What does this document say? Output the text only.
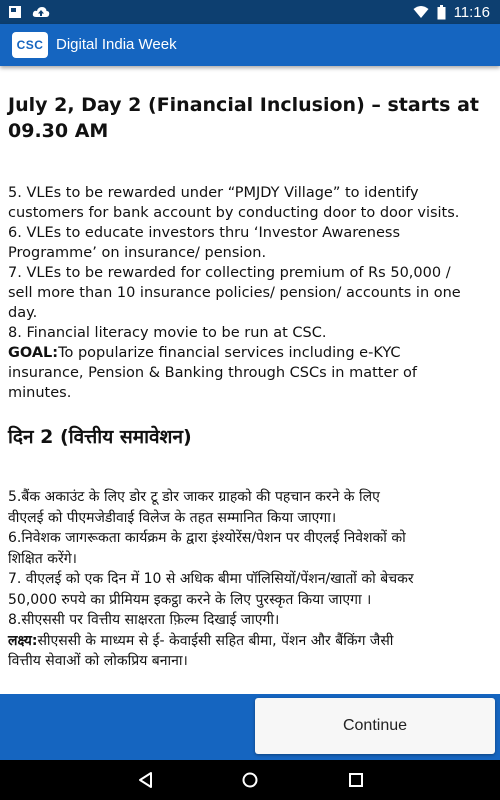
11:16
CSC Digital India Week
July 2, Day 2 (Financial Inclusion) – starts at
09.30 AM
5. VLEs to be rewarded under “PMJDY Village” to identify
customers for bank account by conducting door to door visits.
6. VLEs to educate investors thru ‘Investor Awareness
Programme’ on insurance/ pension.
7. VLEs to be rewarded for collecting premium of Rs 50,000 /
sell more than 10 insurance policies/ pension/ accounts in one
day.
8. Financial literacy movie to be run at CSC.
GOAL:To popularize financial services including e-KYC
insurance, Pension & Banking through CSCs in matter of
minutes.
दिन 2 (वित्तीय समावेशन)
5.बैंक अकाउंट के लिए डोर टू डोर जाकर ग्राहको की पहचान करने के लिए
वीएलई को पीएमजेडीवाई विलेज के तहत सम्मानित किया जाएगा।
6.निवेशक जागरूकता कार्यक्रम के द्वारा इंश्योरेंस/पेशन पर वीएलई निवेशकों को
शिक्षित करेंगे।
7. वीएलई को एक दिन में 10 से अधिक बीमा पॉलिसियों/पेंशन/खातों को बेचकर
50,000 रुपये का प्रीमियम इकट्ठा करने के लिए पुरस्कृत किया जाएगा ।
8.सीएससी पर वित्तीय साक्षरता फ़िल्म दिखाई जाएगी।
लक्ष्य:सीएससी के माध्यम से ई- केवाईसी सहित बीमा, पेंशन और बैंकिंग जैसी
वित्तीय सेवाओं को लोकप्रिय बनाना।
Continue
